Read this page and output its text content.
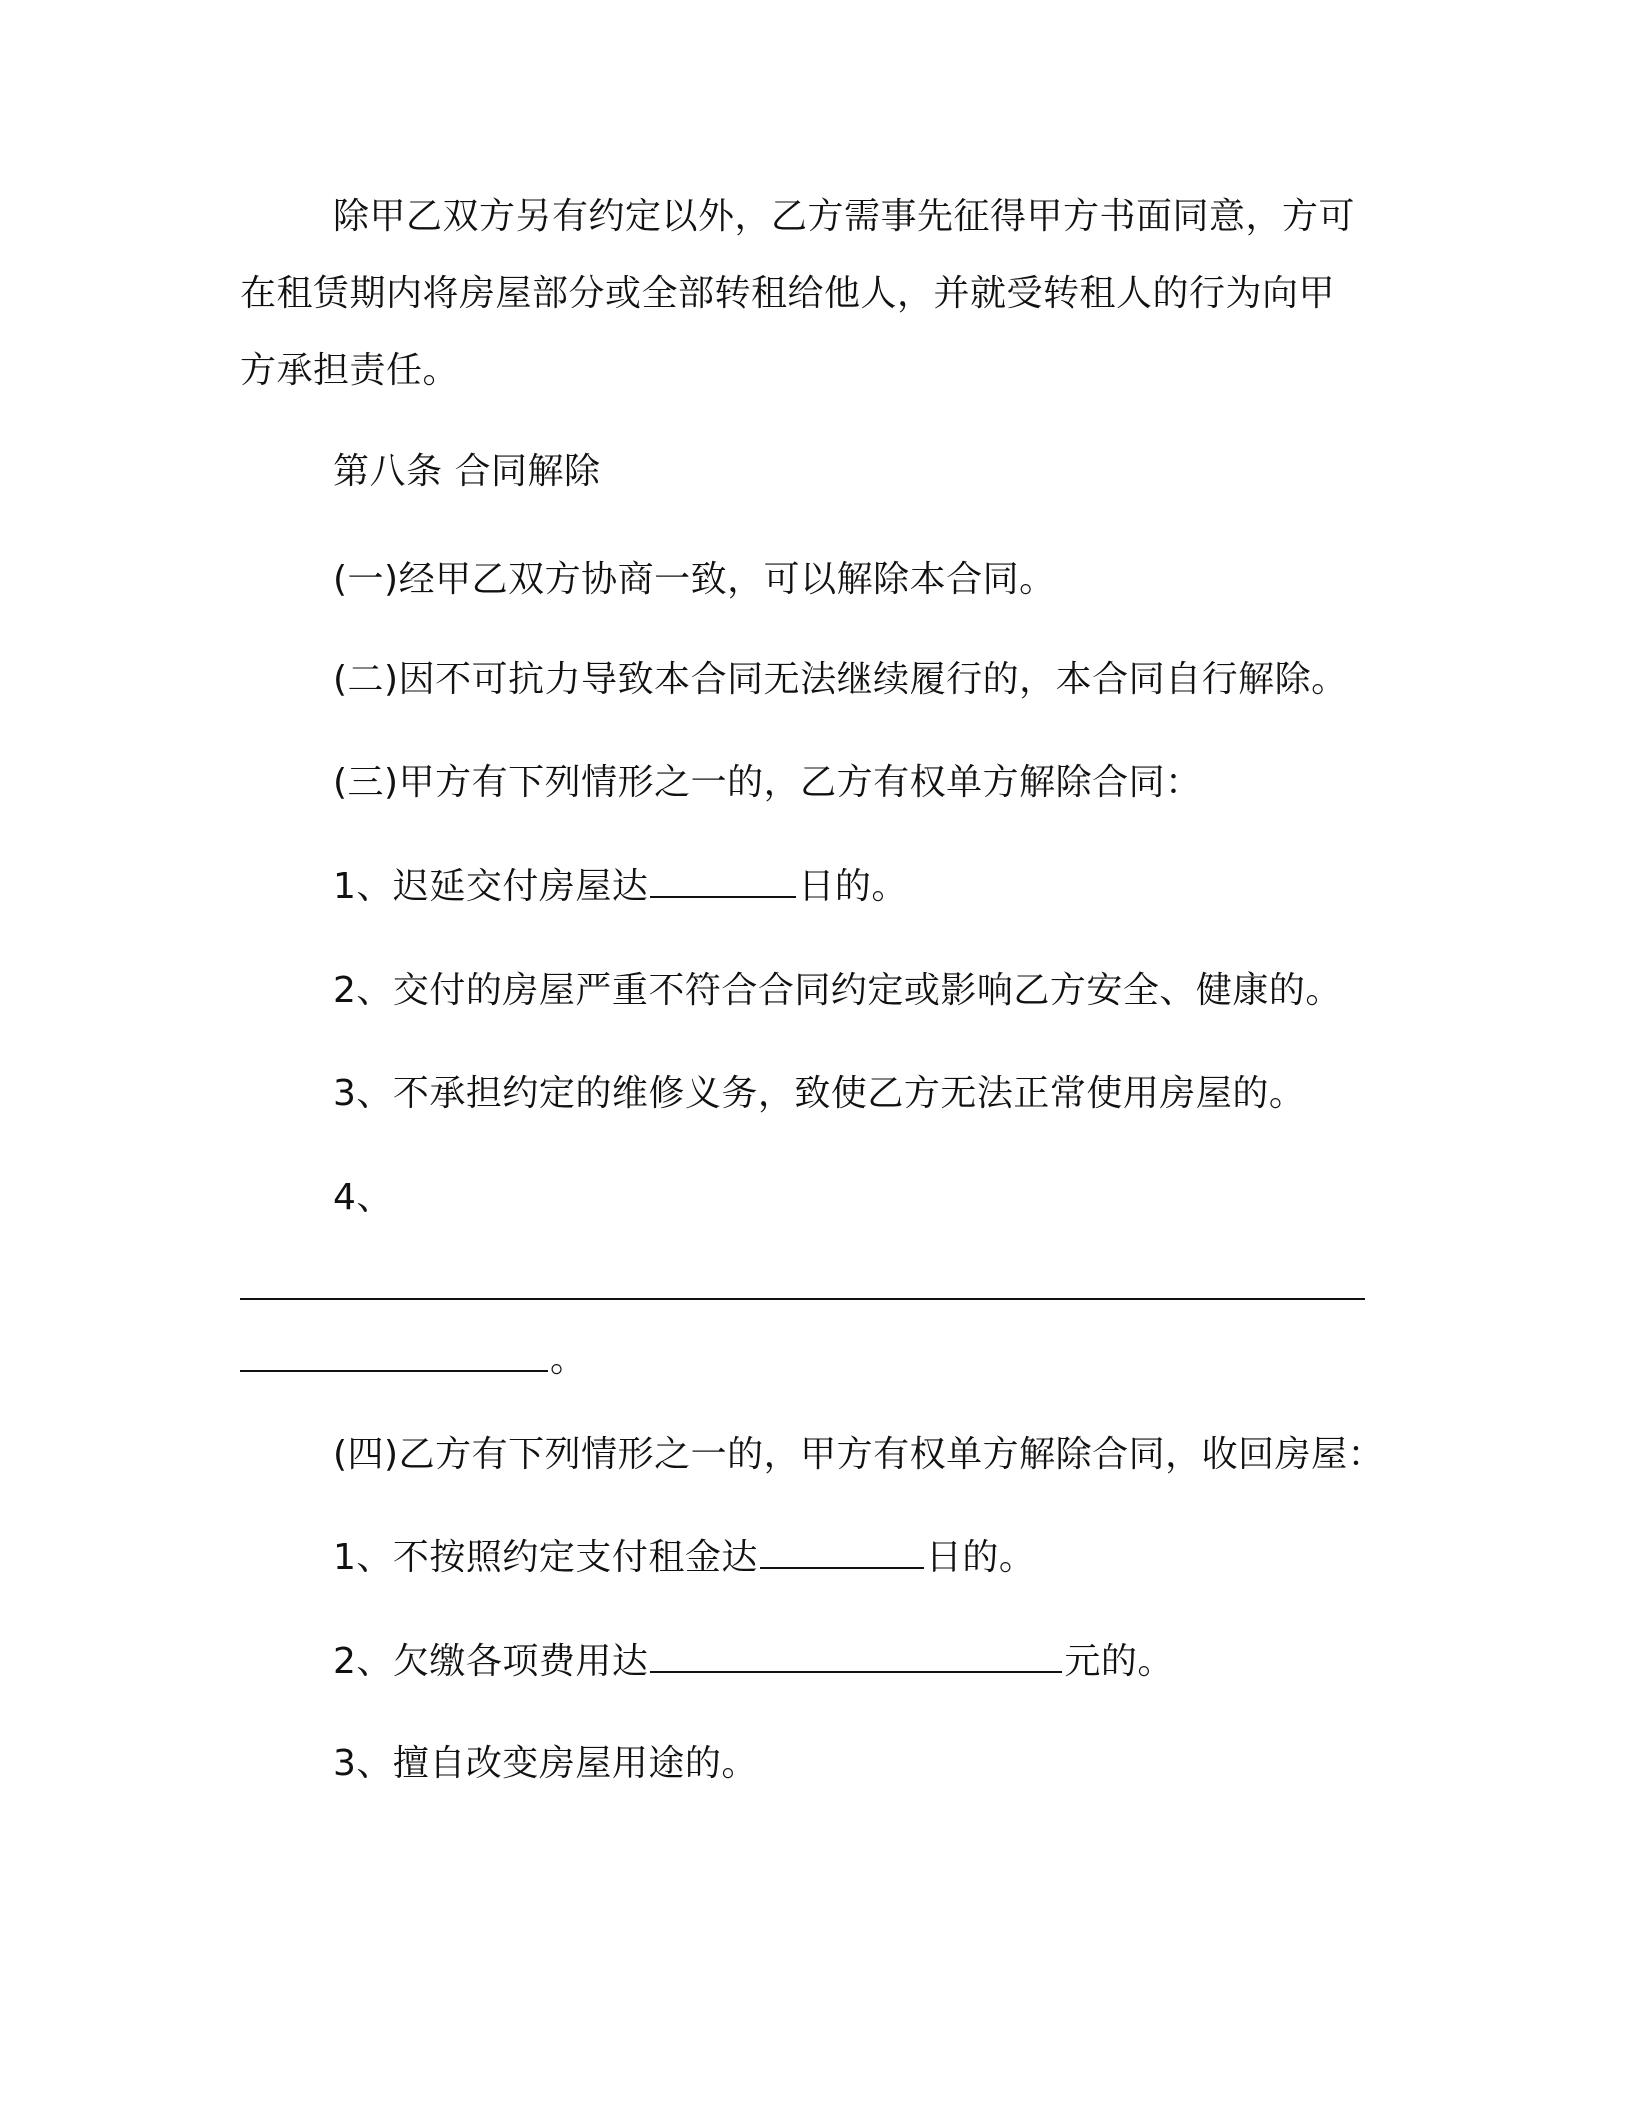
除甲乙双方另有约定以外，乙方需事先征得甲方书面同意，方可
在租赁期内将房屋部分或全部转租给他人，并就受转租人的行为向甲
方承担责任。
第八条 合同解除
(一)经甲乙双方协商一致，可以解除本合同。
(二)因不可抗力导致本合同无法继续履行的，本合同自行解除。
(三)甲方有下列情形之一的，乙方有权单方解除合同：
1、迟延交付房屋达	日的。
2、交付的房屋严重不符合合同约定或影响乙方安全、健康的。
3、不承担约定的维修义务，致使乙方无法正常使用房屋的。
4、
。
(四)乙方有下列情形之一的，甲方有权单方解除合同，收回房屋：
1、不按照约定支付租金达	日的。
2、欠缴各项费用达	元的。
3、擅自改变房屋用途的。
